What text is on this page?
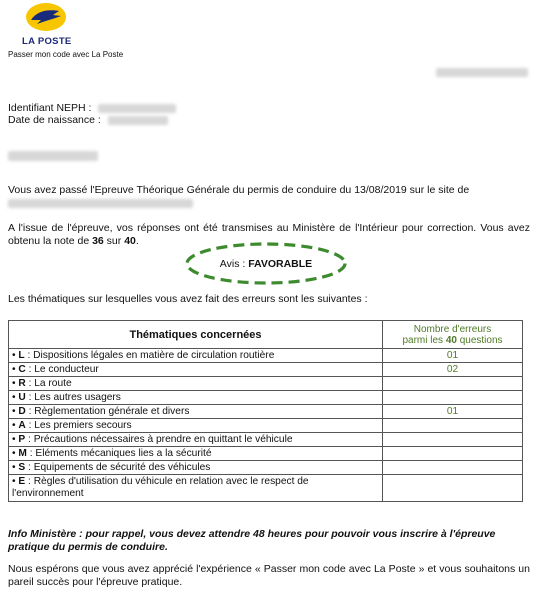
LA POSTE
Passer mon code avec La Poste
Identifiant NEPH :
Date de naissance :
Vous avez passé l'Epreuve Théorique Générale du permis de conduire du 13/08/2019 sur le site de
A l'issue de l'épreuve, vos réponses ont été transmises au Ministère de l'Intérieur pour correction. Vous avez obtenu la note de 36 sur 40.
Avis :
FAVORABLE
Les thématiques sur lesquelles vous avez fait des erreurs sont les suivantes :
Thématiques concernées	Nombre d'erreurs
parmi les 40 questions
• L : Dispositions légales en matière de circulation routière	01
• C : Le conducteur	02
• R : La route	
• U : Les autres usagers	
• D : Règlementation générale et divers	01
• A : Les premiers secours	
• P : Précautions nécessaires à prendre en quittant le véhicule	
• M : Eléments mécaniques lies a la sécurité	
• S : Equipements de sécurité des véhicules	
• E : Règles d'utilisation du véhicule en relation avec le respect de l'environnement	
Info Ministère : pour rappel, vous devez attendre 48 heures pour pouvoir vous inscrire à l'épreuve pratique du permis de conduire.
Nous espérons que vous avez apprécié l'expérience « Passer mon code avec La Poste » et vous souhaitons un pareil succès pour l'épreuve pratique.
